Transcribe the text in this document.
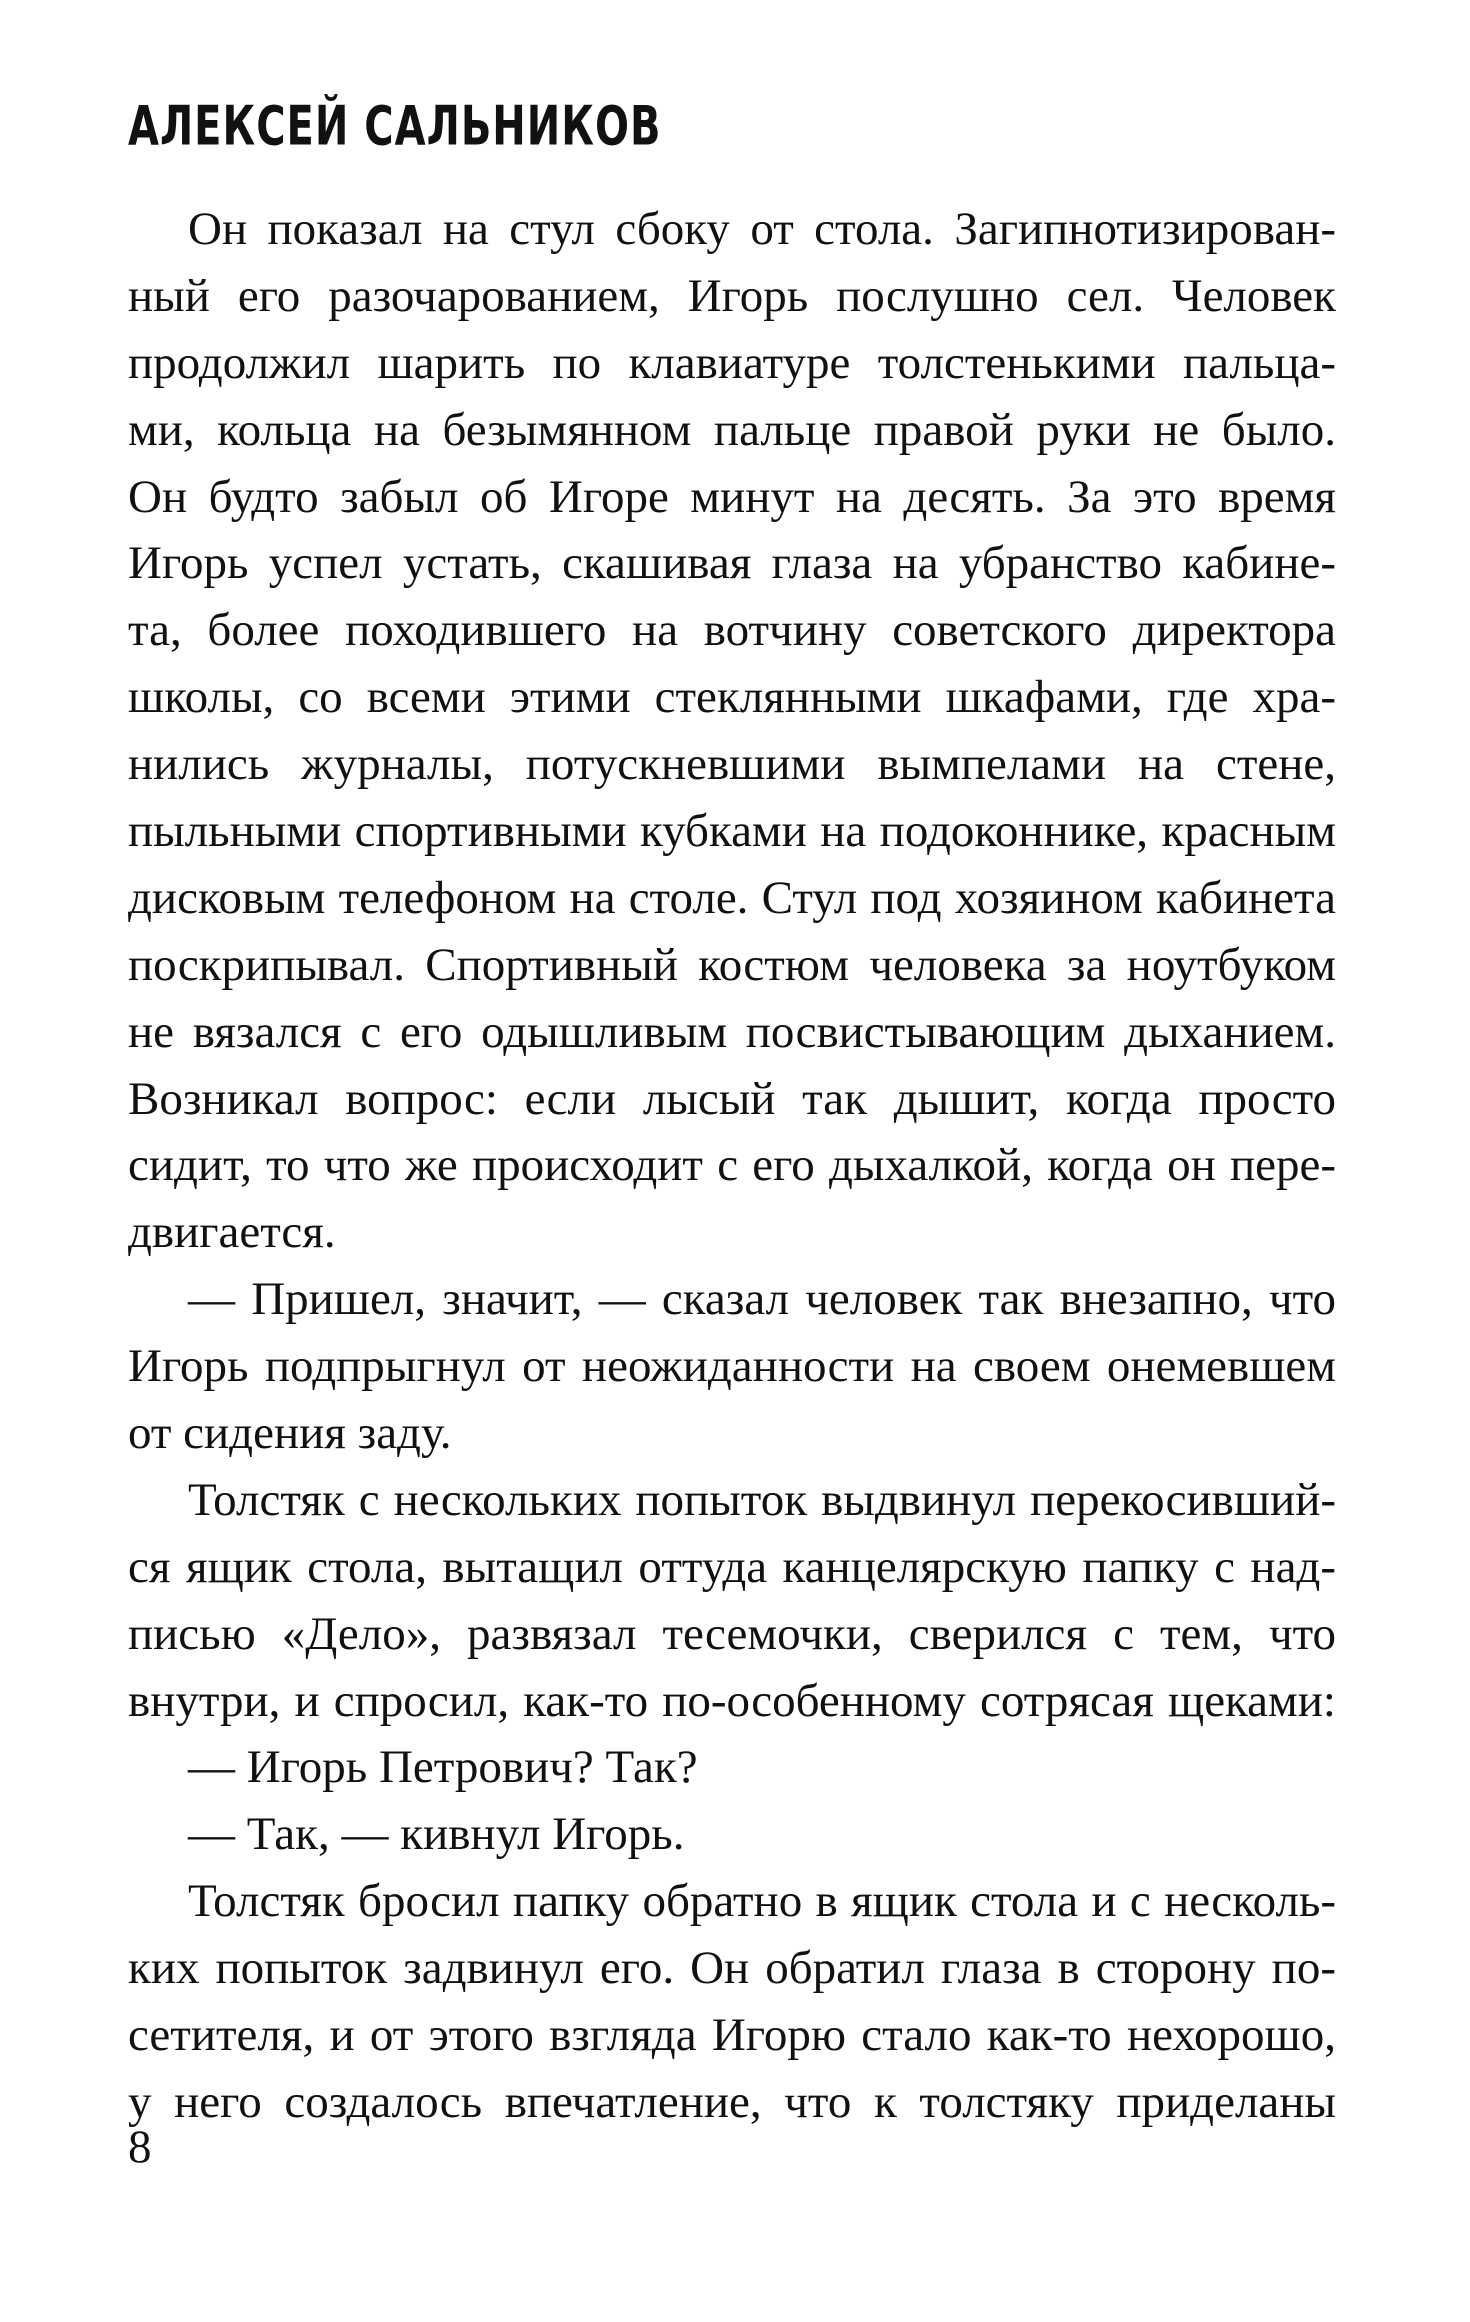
АЛЕКСЕЙ САЛЬНИКОВ
Он показал на стул сбоку от стола. Загипнотизирован-
ный его разочарованием, Игорь послушно сел. Человек
продолжил шарить по клавиатуре толстенькими пальца-
ми, кольца на безымянном пальце правой руки не было.
Он будто забыл об Игоре минут на десять. За это время
Игорь успел устать, скашивая глаза на убранство кабине-
та, более походившего на вотчину советского директора
школы, со всеми этими стеклянными шкафами, где хра-
нились журналы, потускневшими вымпелами на стене,
пыльными спортивными кубками на подоконнике, красным
дисковым телефоном на столе. Стул под хозяином кабинета
поскрипывал. Спортивный костюм человека за ноутбуком
не вязался с его одышливым посвистывающим дыханием.
Возникал вопрос: если лысый так дышит, когда просто
сидит, то что же происходит с его дыхалкой, когда он пере-
двигается.
— Пришел, значит, — сказал человек так внезапно, что
Игорь подпрыгнул от неожиданности на своем онемевшем
от сидения заду.
Толстяк с нескольких попыток выдвинул перекосивший-
ся ящик стола, вытащил оттуда канцелярскую папку с над-
писью «Дело», развязал тесемочки, сверился с тем, что
внутри, и спросил, как-то по-особенному сотрясая щеками:
— Игорь Петрович? Так?
— Так, — кивнул Игорь.
Толстяк бросил папку обратно в ящик стола и с несколь-
ких попыток задвинул его. Он обратил глаза в сторону по-
сетителя, и от этого взгляда Игорю стало как-то нехорошо,
у него создалось впечатление, что к толстяку приделаны
8
